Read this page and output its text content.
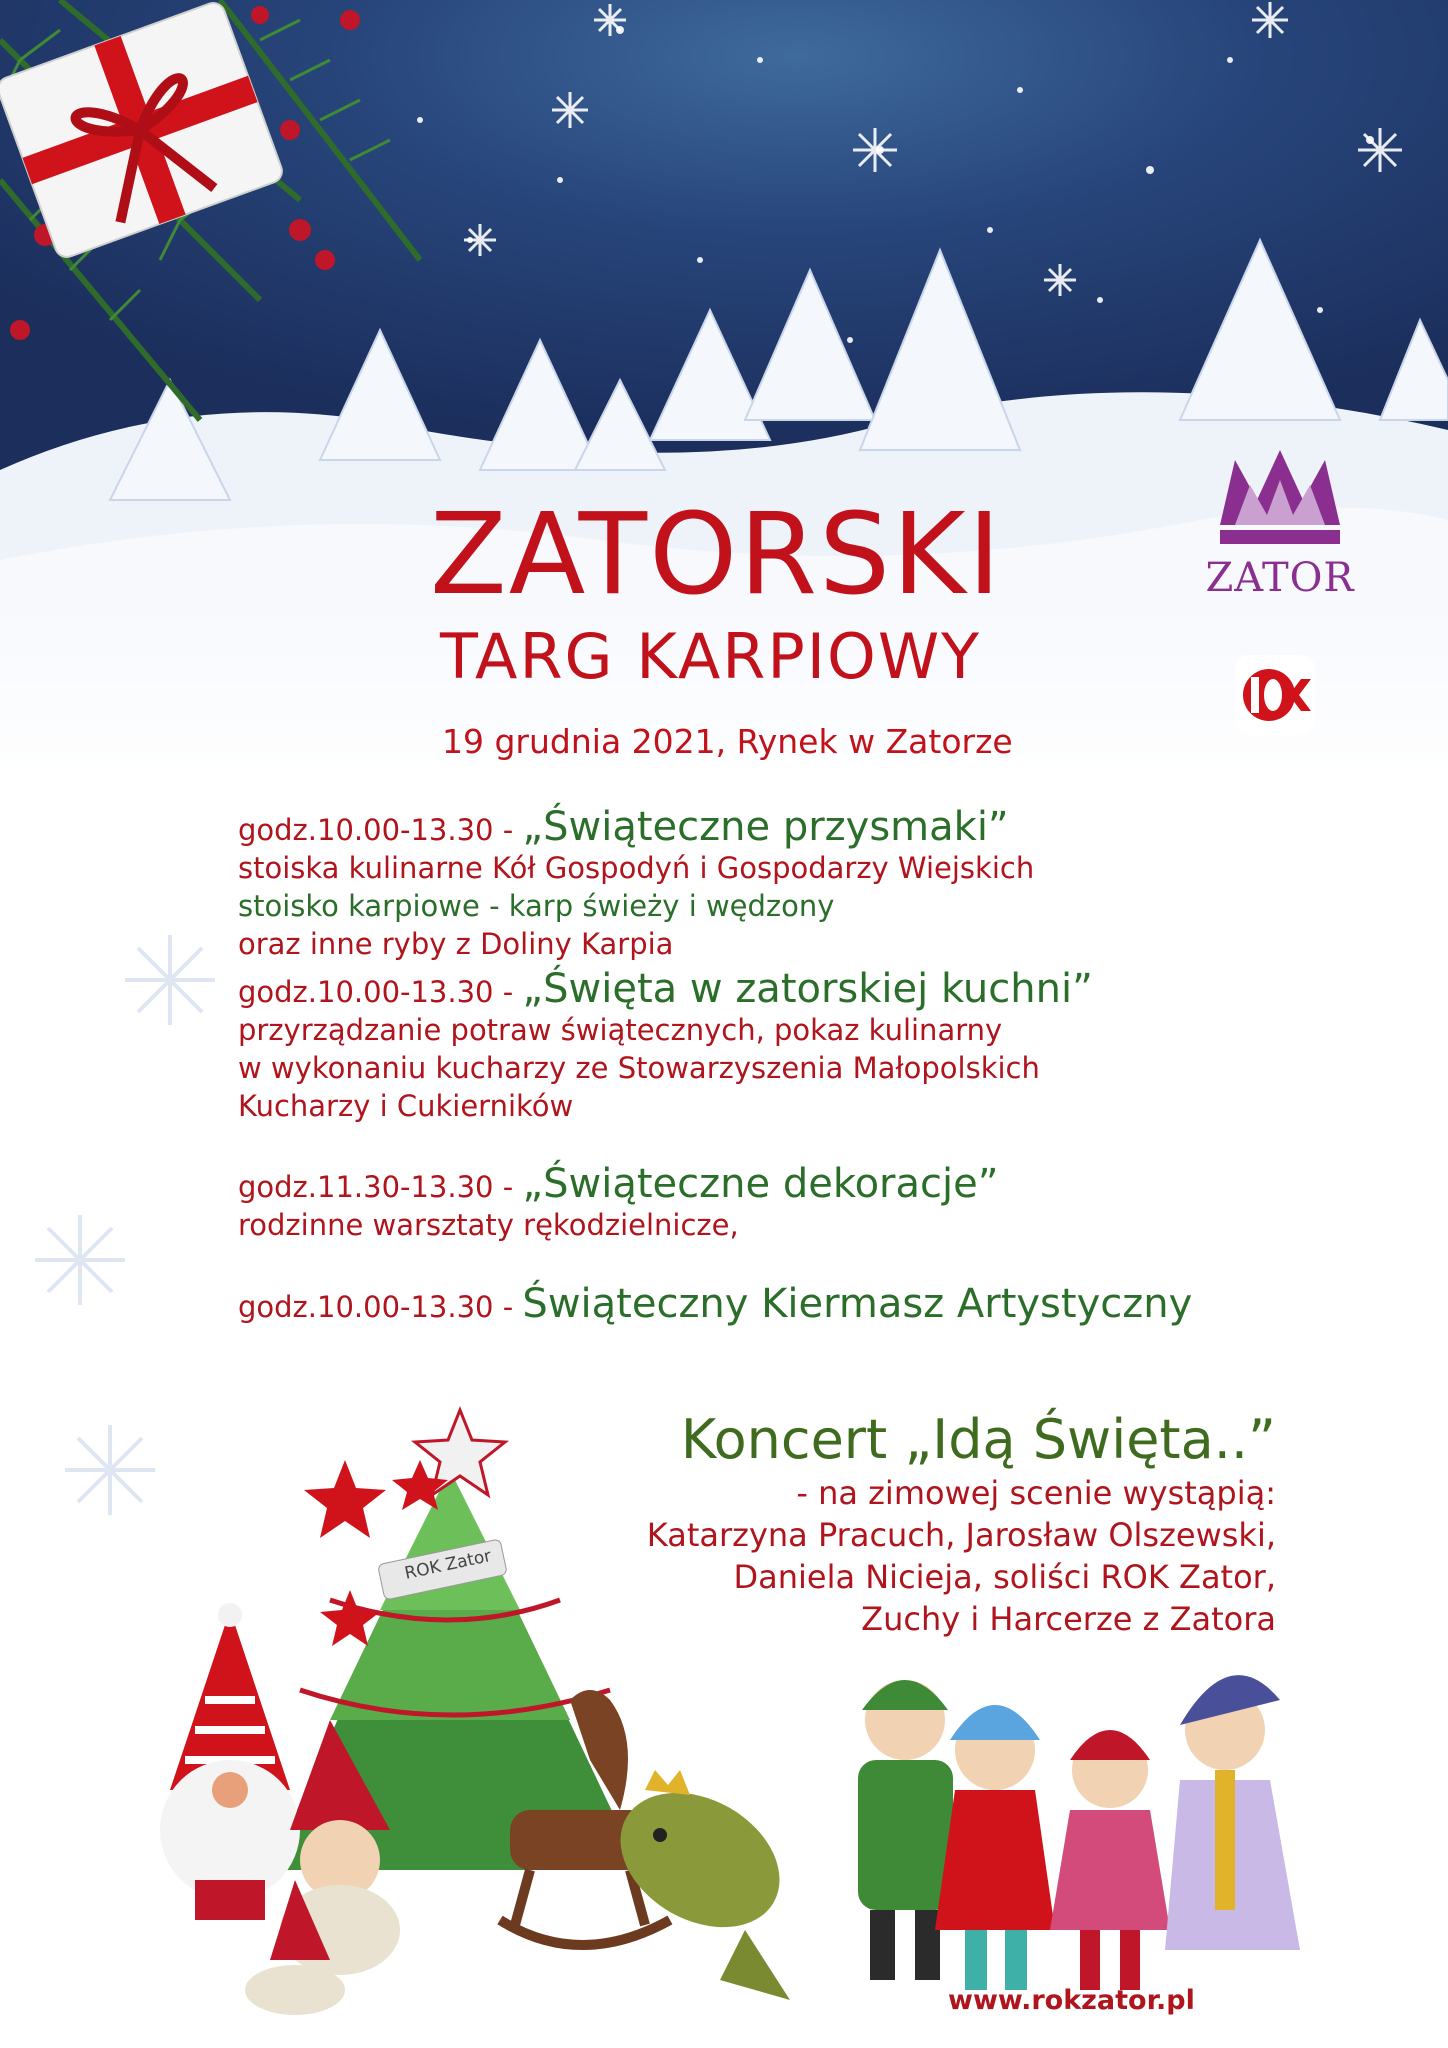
ZATOR
ZATORSKI
TARG KARPIOWY
19 grudnia 2021, Rynek w Zatorze
godz.10.00-13.30 - „Świąteczne przysmaki”
stoiska kulinarne Kół Gospodyń i Gospodarzy Wiejskich
stoisko karpiowe - karp świeży i wędzony
oraz inne ryby z Doliny Karpia
godz.10.00-13.30 - „Święta w zatorskiej kuchni”
przyrządzanie potraw świątecznych, pokaz kulinarny
w wykonaniu kucharzy ze Stowarzyszenia Małopolskich
Kucharzy i Cukierników
godz.11.30-13.30 - „Świąteczne dekoracje”
rodzinne warsztaty rękodzielnicze,
godz.10.00-13.30 - Świąteczny Kiermasz Artystyczny
Koncert „Idą Święta..”
- na zimowej scenie wystąpią:
Katarzyna Pracuch, Jarosław Olszewski,
Daniela Nicieja, soliści ROK Zator,
Zuchy i Harcerze z Zatora
ROK Zator
www.rokzator.pl
